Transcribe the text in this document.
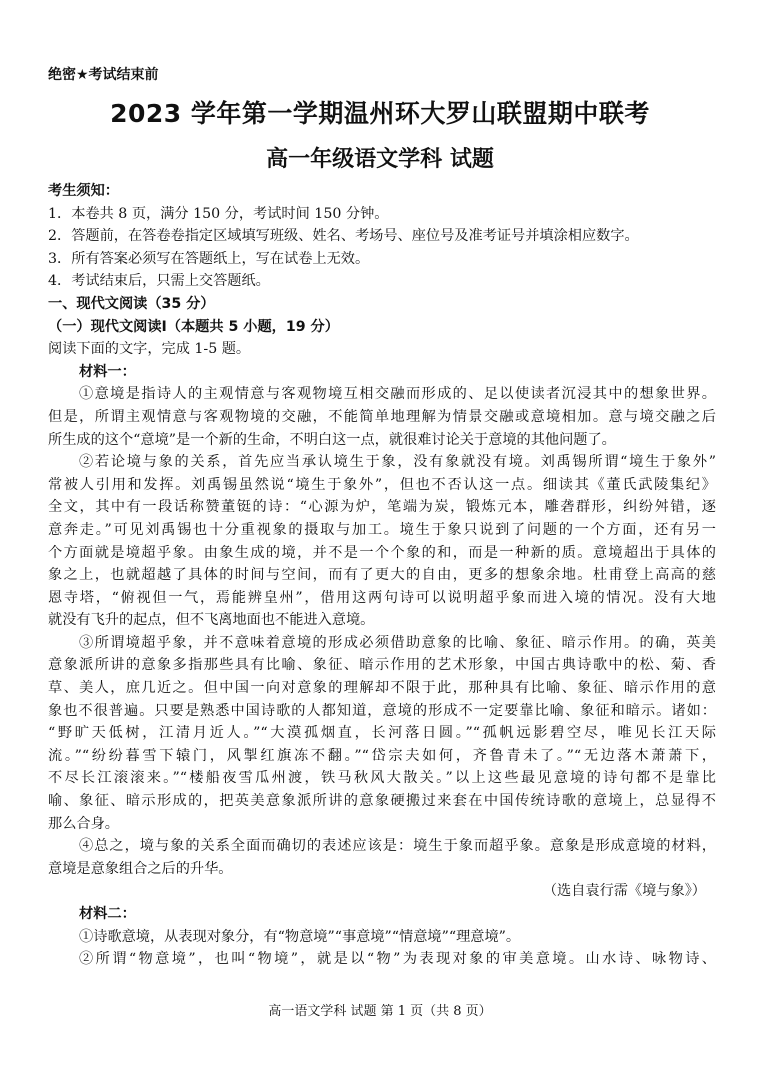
绝密★考试结束前
2023 学年第一学期温州环大罗山联盟期中联考
高一年级语文学科 试题

考生须知：

1．本卷共 8 页，满分 150 分，考试时间 150 分钟。

2．答题前，在答卷卷指定区域填写班级、姓名、考场号、座位号及准考证号并填涂相应数字。

3．所有答案必须写在答题纸上，写在试卷上无效。

4．考试结束后，只需上交答题纸。

一、现代文阅读（35 分）

（一）现代文阅读Ⅰ（本题共 5 小题，19 分）

阅读下面的文字，完成 1-5 题。

材料一：

①意境是指诗人的主观情意与客观物境互相交融而形成的、足以使读者沉浸其中的想象世界。

但是，所谓主观情意与客观物境的交融，不能简单地理解为情景交融或意境相加。意与境交融之后

所生成的这个“意境”是一个新的生命，不明白这一点，就很难讨论关于意境的其他问题了。

②若论境与象的关系，首先应当承认境生于象，没有象就没有境。刘禹锡所谓“境生于象外”

常被人引用和发挥。刘禹锡虽然说“境生于象外”，但也不否认这一点。细读其《董氏武陵集纪》

全文，其中有一段话称赞董铤的诗：“心源为炉，笔端为炭，锻炼元本，雕砻群形，纠纷舛错，逐

意奔走。”可见刘禹锡也十分重视象的摄取与加工。境生于象只说到了问题的一个方面，还有另一

个方面就是境超乎象。由象生成的境，并不是一个个象的和，而是一种新的质。意境超出于具体的

象之上，也就超越了具体的时间与空间，而有了更大的自由，更多的想象余地。杜甫登上高高的慈

恩寺塔，“俯视但一气，焉能辨皇州”，借用这两句诗可以说明超乎象而进入境的情况。没有大地

就没有飞升的起点，但不飞离地面也不能进入意境。

③所谓境超乎象，并不意味着意境的形成必须借助意象的比喻、象征、暗示作用。的确，英美

意象派所讲的意象多指那些具有比喻、象征、暗示作用的艺术形象，中国古典诗歌中的松、菊、香

草、美人，庶几近之。但中国一向对意象的理解却不限于此，那种具有比喻、象征、暗示作用的意

象也不很普遍。只要是熟悉中国诗歌的人都知道，意境的形成不一定要靠比喻、象征和暗示。诸如：

“野旷天低树，江清月近人。”“大漠孤烟直，长河落日圆。”“孤帆远影碧空尽，唯见长江天际

流。”“纷纷暮雪下辕门，风掣红旗冻不翻。”“岱宗夫如何，齐鲁青未了。”“无边落木萧萧下，

不尽长江滚滚来。”“楼船夜雪瓜州渡，铁马秋风大散关。”以上这些最见意境的诗句都不是靠比

喻、象征、暗示形成的，把英美意象派所讲的意象硬搬过来套在中国传统诗歌的意境上，总显得不

那么合身。

④总之，境与象的关系全面而确切的表述应该是：境生于象而超乎象。意象是形成意境的材料，

意境是意象组合之后的升华。

（选自袁行霈《境与象》）

材料二：

①诗歌意境，从表现对象分，有“物意境”“事意境”“情意境”“理意境”。

②所谓“物意境”，也叫“物境”，就是以“物”为表现对象的审美意境。山水诗、咏物诗、

高一语文学科 试题 第 1 页（共 8 页）
